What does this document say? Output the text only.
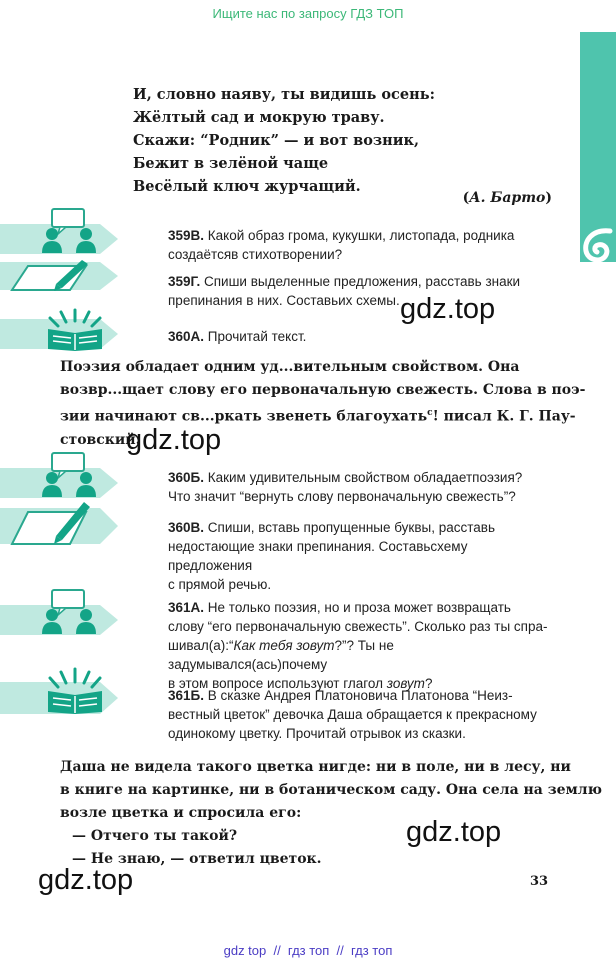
Ищите нас по запросу ГДЗ ТОП
И, словно наяву, ты видишь осень:
Жёлтый сад и мокрую траву.
Скажи: “Родник” — и вот возник,
Бежит в зелёной чаще
Весёлый ключ журчащий.
(А. Барто)
359В. Какой образ грома, кукушки, листопада, родника
создаётсяв стихотворении?
359Г. Спиши выделенные предложения, расставь знаки
препинания в них. Составьих схемы.
360А. Прочитай текст.
Поэзия обладает одним уд...вительным свойством. Она
возвр...щает слову его первоначальную свежесть. Слова в поэ-
зии начинают св...ркать звенеть благоухать$^с$! писал К. Г. Пау-
стовский.
360Б. Каким удивительным свойством обладаетпоэзия?
Что значит “вернуть слову первоначальную свежесть”?
360В. Спиши, вставь пропущенные буквы, расставь
недостающие знаки препинания. Составьсхему предложения
с прямой речью.
361А. Не только поэзия, но и проза может возвращать
слову “его первоначальную свежесть”. Сколько раз ты спра-
шивал(а):“Как тебя зовут?”? Ты не задумывался(ась)почему
в этом вопросе используют глагол зовут?
361Б. В сказке Андрея Платоновича Платонова “Неиз-
вестный цветок” девочка Даша обращается к прекрасному
одинокому цветку. Прочитай отрывок из сказки.
Даша не видела такого цветка нигде: ни в поле, ни в лесу, ни
в книге на картинке, ни в ботаническом саду. Она села на землю
возле цветка и спросила его:
— Отчего ты такой?
— Не знаю, — ответил цветок.
gdz.top
gdz.top
gdz.top
gdz.top	33
gdz top  //  гдз топ  //  гдз топ
